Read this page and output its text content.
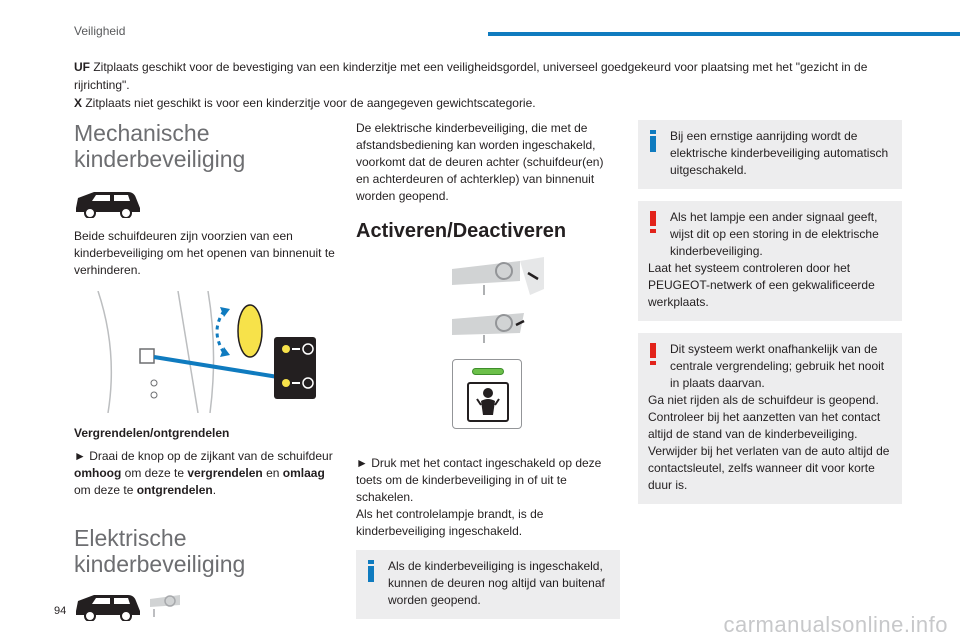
Veiligheid
UF Zitplaats geschikt voor de bevestiging van een kinderzitje met een veiligheidsgordel, universeel goedgekeurd voor plaatsing met het "gezicht in de rijrichting".
X Zitplaats niet geschikt is voor een kinderzitje voor de aangegeven gewichtscategorie.
Mechanische
kinderbeveiliging
Beide schuifdeuren zijn voorzien van een kinderbeveiliging om het openen van binnenuit te verhinderen.
Vergrendelen/ontgrendelen
► Draai de knop op de zijkant van de schuifdeur omhoog om deze te vergrendelen en omlaag om deze te ontgrendelen.
Elektrische
kinderbeveiliging
De elektrische kinderbeveiliging, die met de afstandsbediening kan worden ingeschakeld, voorkomt dat de deuren achter (schuifdeur(en) en achterdeuren of achterklep) van binnenuit worden geopend.
Activeren/Deactiveren
► Druk met het contact ingeschakeld op deze toets om de kinderbeveiliging in of uit te schakelen.
Als het controlelampje brandt, is de kinderbeveiliging ingeschakeld.
Als de kinderbeveiliging is ingeschakeld, kunnen de deuren nog altijd van buitenaf worden geopend.
Bij een ernstige aanrijding wordt de elektrische kinderbeveiliging automatisch uitgeschakeld.
Als het lampje een ander signaal geeft, wijst dit op een storing in de elektrische kinderbeveiliging.
Laat het systeem controleren door het PEUGEOT-netwerk of een gekwalificeerde werkplaats.
Dit systeem werkt onafhankelijk van de centrale vergrendeling; gebruik het nooit in plaats daarvan.
Ga niet rijden als de schuifdeur is geopend.
Controleer bij het aanzetten van het contact altijd de stand van de kinderbeveiliging.
Verwijder bij het verlaten van de auto altijd de contactsleutel, zelfs wanneer dit voor korte duur is.
94
carmanualsonline.info
